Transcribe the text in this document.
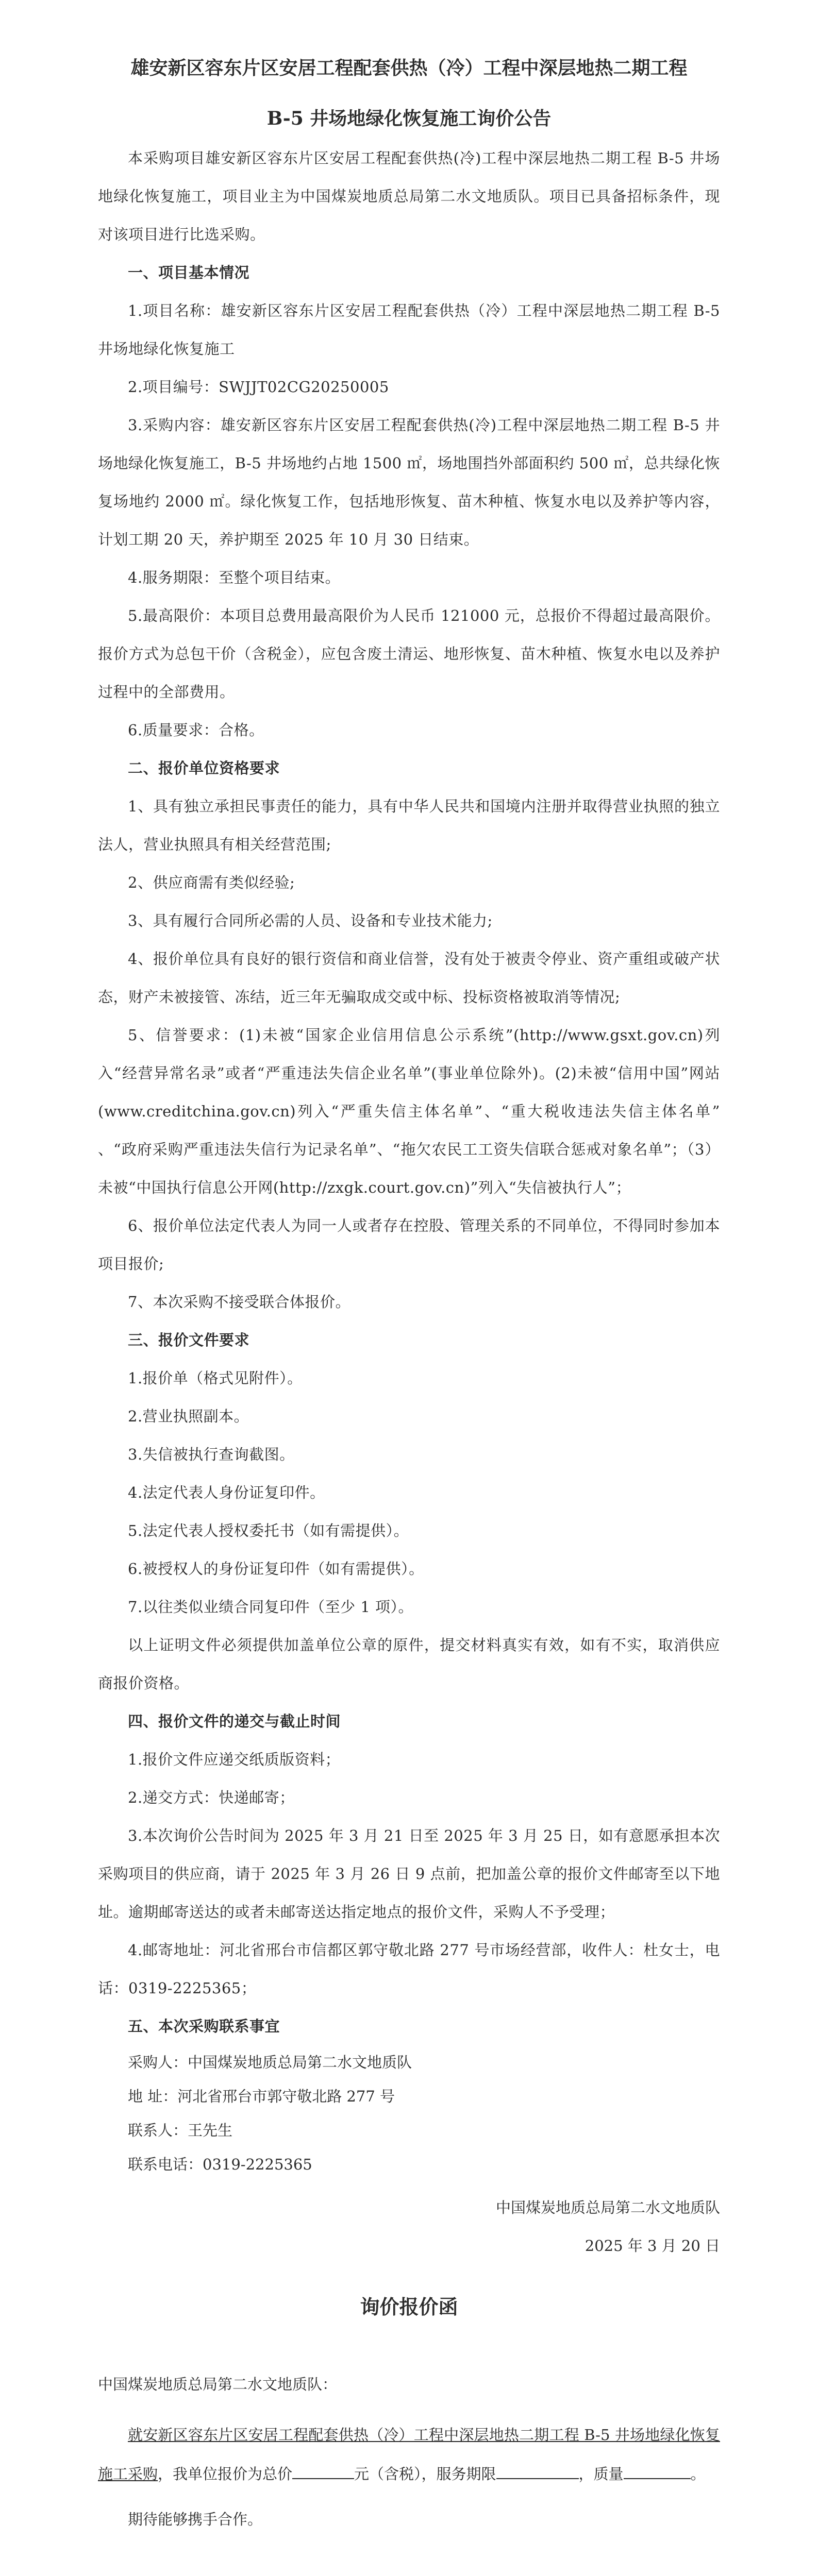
雄安新区容东片区安居工程配套供热（冷）工程中深层地热二期工程
B-5 井场地绿化恢复施工询价公告

本采购项目雄安新区容东片区安居工程配套供热(冷)工程中深层地热二期工程 B-5 井场地绿化恢复施工，项目业主为中国煤炭地质总局第二水文地质队。项目已具备招标条件，现对该项目进行比选采购。

一、项目基本情况

1.项目名称：雄安新区容东片区安居工程配套供热（冷）工程中深层地热二期工程 B-5 井场地绿化恢复施工

2.项目编号：SWJJT02CG20250005

3.采购内容：雄安新区容东片区安居工程配套供热(冷)工程中深层地热二期工程 B-5 井场地绿化恢复施工，B-5 井场地约占地 1500 ㎡，场地围挡外部面积约 500 ㎡，总共绿化恢复场地约 2000 ㎡。绿化恢复工作，包括地形恢复、苗木种植、恢复水电以及养护等内容，计划工期 20 天，养护期至 2025 年 10 月 30 日结束。

4.服务期限：至整个项目结束。

5.最高限价：本项目总费用最高限价为人民币 121000 元，总报价不得超过最高限价。报价方式为总包干价（含税金），应包含废土清运、地形恢复、苗木种植、恢复水电以及养护过程中的全部费用。

6.质量要求：合格。

二、报价单位资格要求

1、具有独立承担民事责任的能力，具有中华人民共和国境内注册并取得营业执照的独立法人，营业执照具有相关经营范围;

2、供应商需有类似经验;

3、具有履行合同所必需的人员、设备和专业技术能力;

4、报价单位具有良好的银行资信和商业信誉，没有处于被责令停业、资产重组或破产状态，财产未被接管、冻结，近三年无骗取成交或中标、投标资格被取消等情况;

5、信誉要求：(1)未被“国家企业信用信息公示系统”(http://www.gsxt.gov.cn)列入“经营异常名录”或者“严重违法失信企业名单”(事业单位除外)。(2)未被“信用中国”网站(www.creditchina.gov.cn)列入“严重失信主体名单”、“重大税收违法失信主体名单” 、“政府采购严重违法失信行为记录名单”、“拖欠农民工工资失信联合惩戒对象名单”；（3）未被“中国执行信息公开网(http://zxgk.court.gov.cn)”列入“失信被执行人”；

6、报价单位法定代表人为同一人或者存在控股、管理关系的不同单位，不得同时参加本项目报价;

7、本次采购不接受联合体报价。

三、报价文件要求

1.报价单（格式见附件）。

2.营业执照副本。

3.失信被执行查询截图。

4.法定代表人身份证复印件。

5.法定代表人授权委托书（如有需提供）。

6.被授权人的身份证复印件（如有需提供）。

7.以往类似业绩合同复印件（至少 1 项）。

以上证明文件必须提供加盖单位公章的原件，提交材料真实有效，如有不实，取消供应商报价资格。

四、报价文件的递交与截止时间

1.报价文件应递交纸质版资料；

2.递交方式：快递邮寄；

3.本次询价公告时间为 2025 年 3 月 21 日至 2025 年 3 月 25 日，如有意愿承担本次采购项目的供应商，请于 2025 年 3 月 26 日 9 点前，把加盖公章的报价文件邮寄至以下地址。逾期邮寄送达的或者未邮寄送达指定地点的报价文件，采购人不予受理；

4.邮寄地址：河北省邢台市信都区郭守敬北路 277 号市场经营部，收件人：杜女士，电话：0319-2225365；

五、本次采购联系事宜

采购人：中国煤炭地质总局第二水文地质队

地 址：河北省邢台市郭守敬北路 277 号

联系人：王先生

联系电话：0319-2225365

中国煤炭地质总局第二水文地质队

2025 年 3 月 20 日

询价报价函

中国煤炭地质总局第二水文地质队：

就安新区容东片区安居工程配套供热（冷）工程中深层地热二期工程 B-5 井场地绿化恢复施工采购，我单位报价为总价	元（含税），服务期限	，质量	。

期待能够携手合作。
